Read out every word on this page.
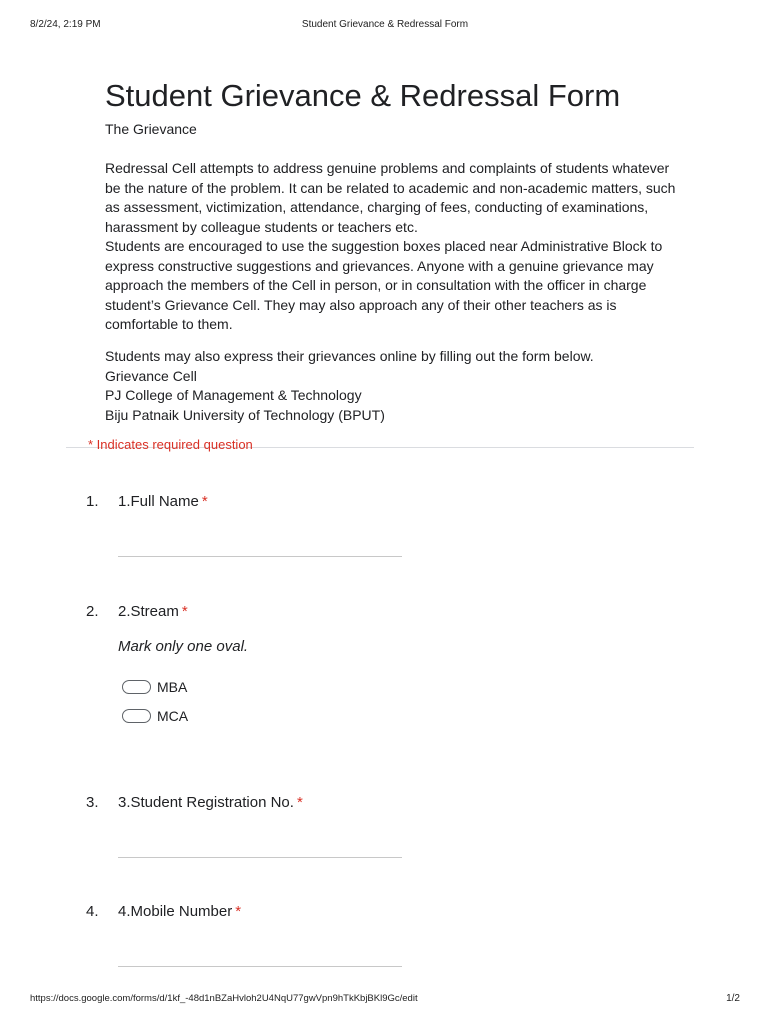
8/2/24, 2:19 PM	Student Grievance & Redressal Form
Student Grievance & Redressal Form
The Grievance

Redressal Cell attempts to address genuine problems and complaints of students whatever

be the nature of the problem. It can be related to academic and non-academic matters, such

as assessment, victimization, attendance, charging of fees, conducting of examinations,

harassment by colleague students or teachers etc.

Students are encouraged to use the suggestion boxes placed near Administrative Block to

express constructive suggestions and grievances. Anyone with a genuine grievance may

approach the members of the Cell in person, or in consultation with the officer in charge

student’s Grievance Cell. They may also approach any of their other teachers as is

comfortable to them.

Students may also express their grievances online by filling out the form below.

Grievance Cell

PJ College of Management & Technology

Biju Patnaik University of Technology (BPUT)

* Indicates required question
1. 1.Full Name *
2. 2.Stream *
Mark only one oval.
MBA
MCA
3. 3.Student Registration No. *
4. 4.Mobile Number *
https://docs.google.com/forms/d/1kf_-48d1nBZaHvloh2U4NqU77gwVpn9hTkKbjBKl9Gc/edit	1/2
